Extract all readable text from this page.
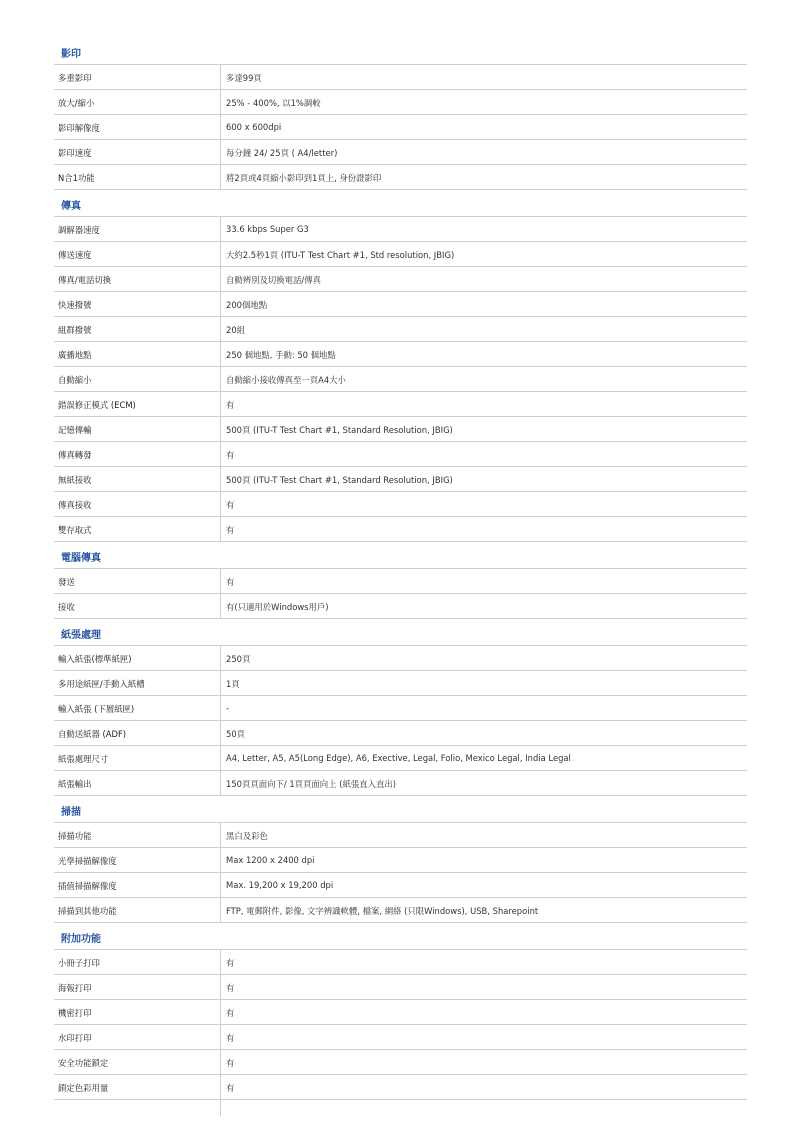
影印
多重影印	多達99頁
放大/縮小	25% - 400%, 以1%調較
影印解像度	600 x 600dpi
影印速度	每分鐘 24/ 25頁 ( A4/letter)
N合1功能	將2頁或4頁縮小影印到1頁上, 身份證影印
傳真
調解器速度	33.6 kbps Super G3
傳送速度	大約2.5秒1頁 (ITU-T Test Chart #1, Std resolution, JBIG)
傳真/電話切換	自動辨別及切換電話/傳真
快速撥號	200個地點
組群撥號	20組
廣播地點	250 個地點, 手動: 50 個地點
自動縮小	自動縮小接收傳真至一頁A4大小
錯誤修正模式 (ECM)	有
記憶傳輸	500頁 (ITU-T Test Chart #1, Standard Resolution, JBIG)
傳真轉發	有
無紙接收	500頁 (ITU-T Test Chart #1, Standard Resolution, JBIG)
傳真接收	有
雙存取式	有
電腦傳真
發送	有
接收	有(只適用於Windows用戶)
紙張處理
輸入紙張(標準紙匣)	250頁
多用途紙匣/手動入紙槽	1頁
輸入紙張 (下層紙匣)	-
自動送紙器 (ADF)	50頁
紙張處理尺寸	A4, Letter, A5, A5(Long Edge), A6, Exective, Legal, Folio, Mexico Legal, India Legal
紙張輸出	150頁頁面向下/ 1頁頁面向上 (紙張直入直出)
掃描
掃描功能	黑白及彩色
光學掃描解像度	Max 1200 x 2400 dpi
插值掃描解像度	Max. 19,200 x 19,200 dpi
掃描到其他功能	FTP, 電郵附件, 影像, 文字辨識軟體, 檔案, 網絡 (只限Windows), USB, Sharepoint
附加功能
小冊子打印	有
海報打印	有
機密打印	有
水印打印	有
安全功能鎖定	有
鎖定色彩用量	有
